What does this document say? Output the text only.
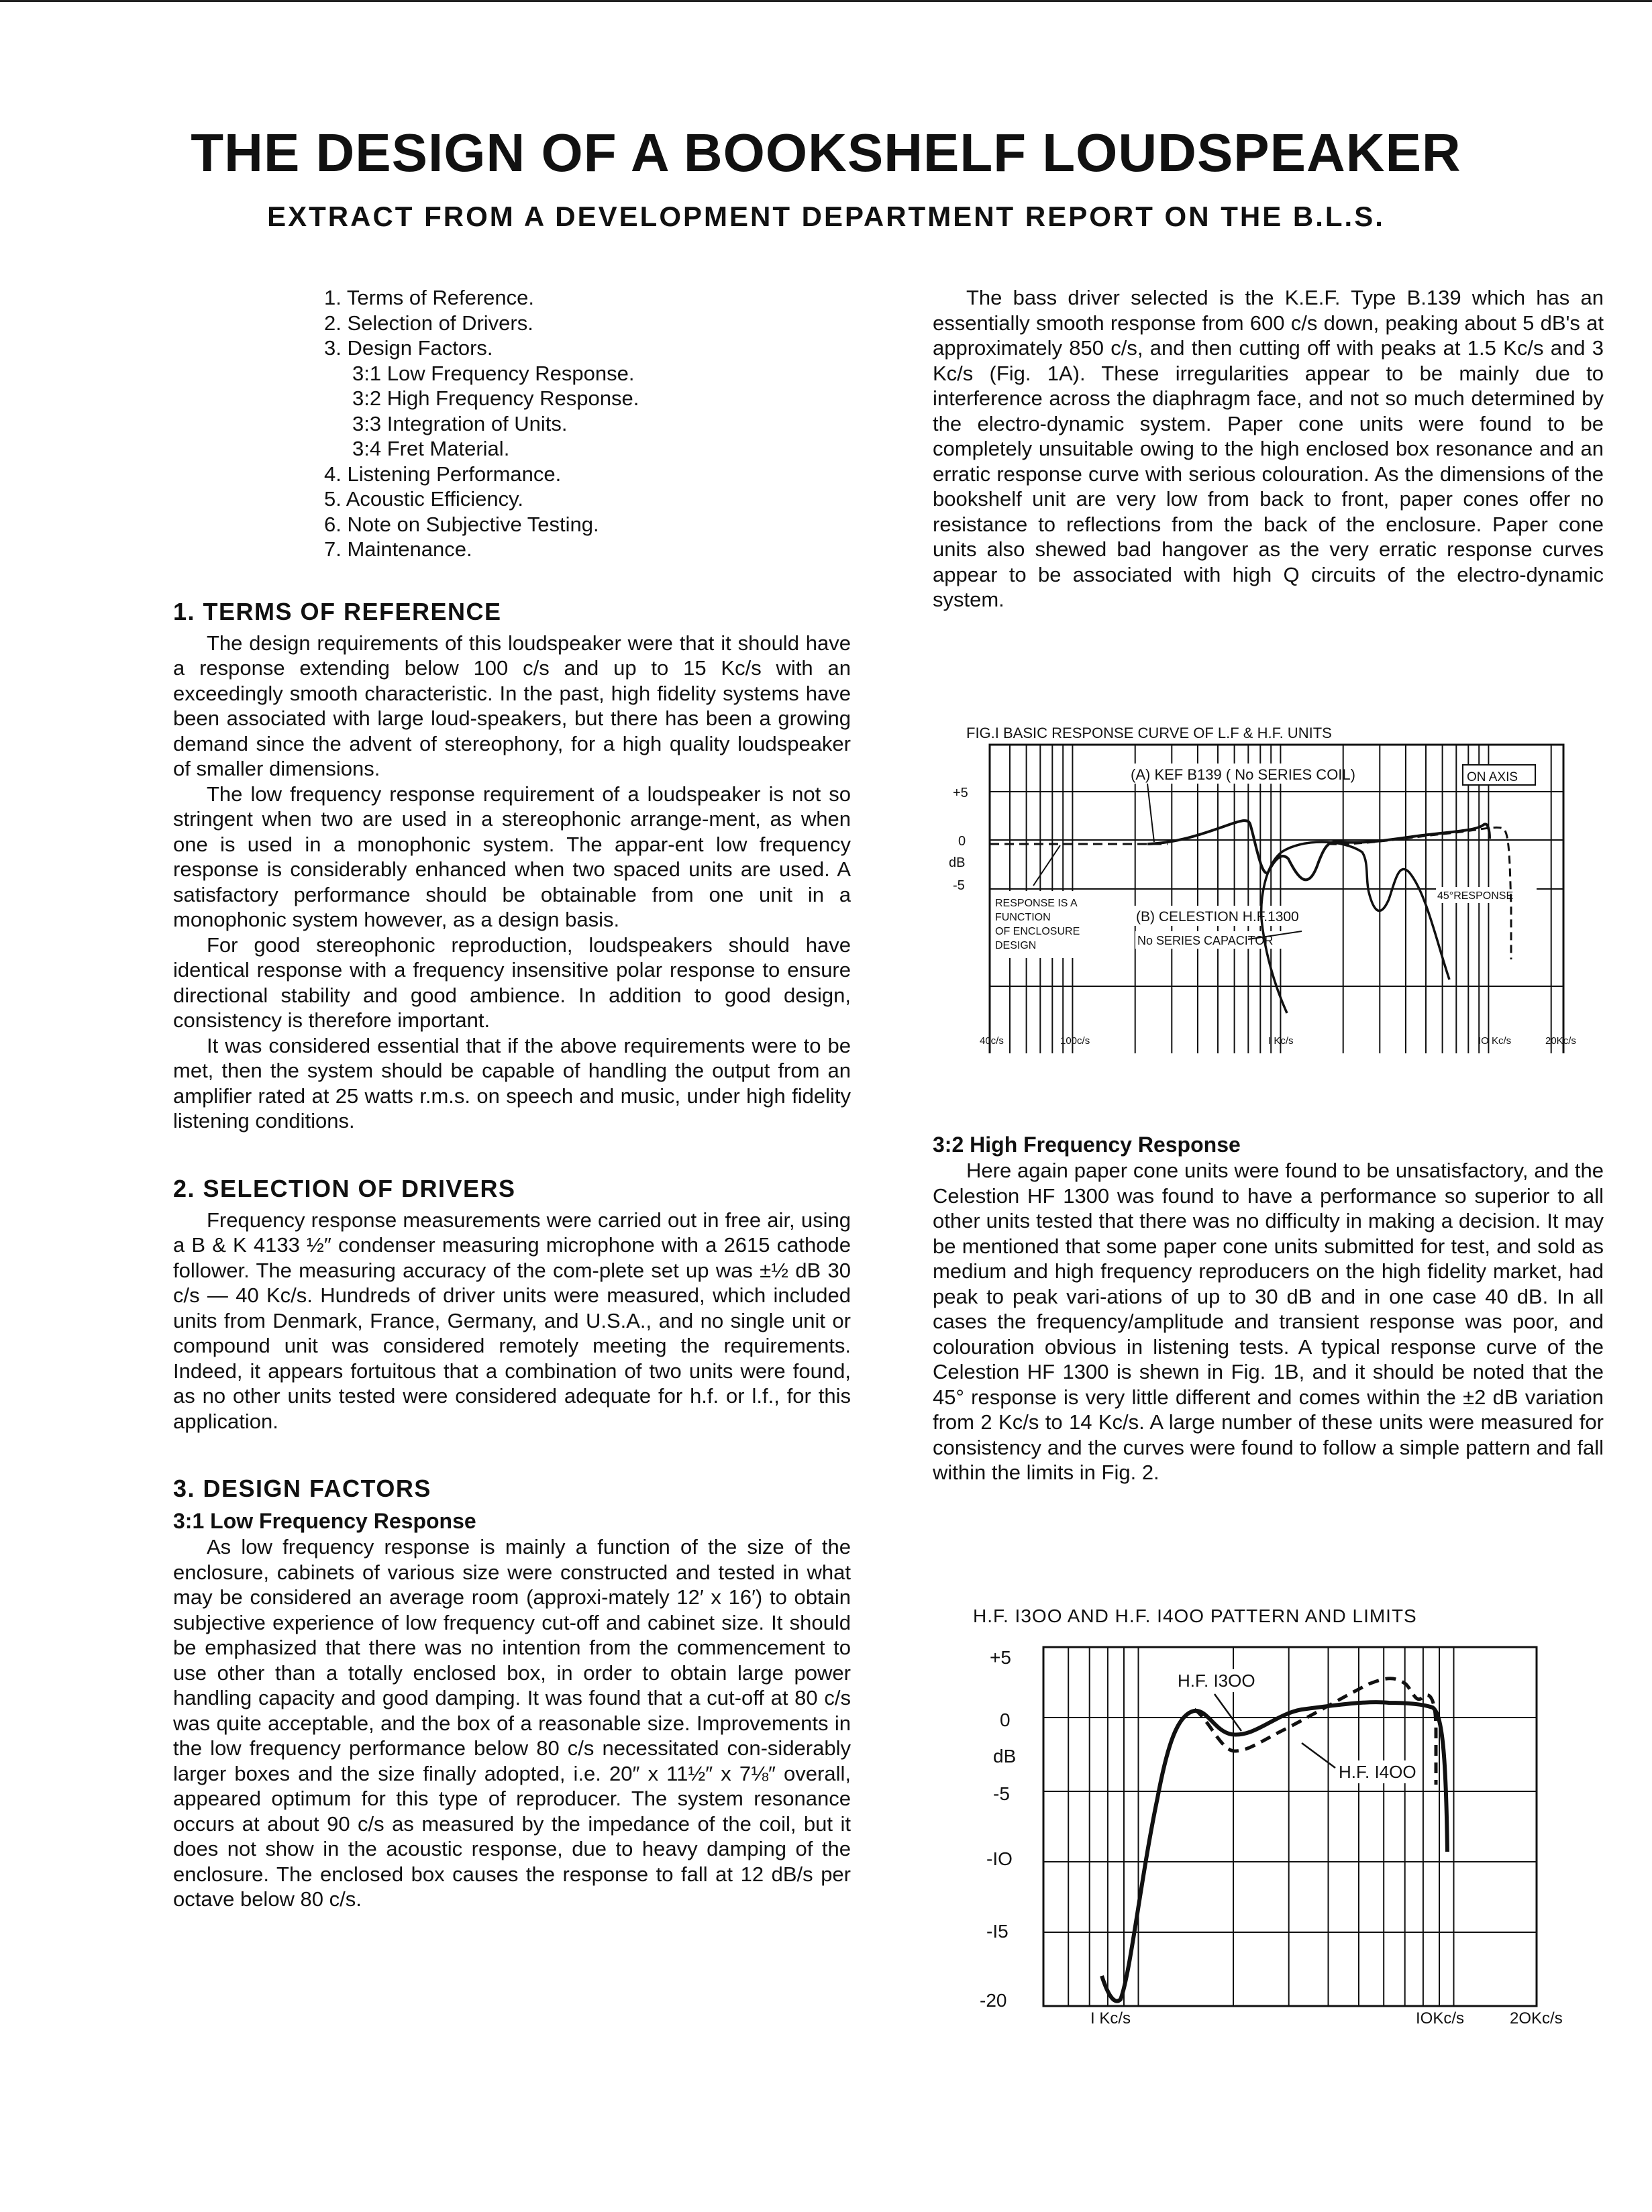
THE DESIGN OF A BOOKSHELF LOUDSPEAKER
EXTRACT FROM A DEVELOPMENT DEPARTMENT REPORT ON THE B.L.S.
1. Terms of Reference.
2. Selection of Drivers.
3. Design Factors.
3:1 Low Frequency Response.
3:2 High Frequency Response.
3:3 Integration of Units.
3:4 Fret Material.
4. Listening Performance.
5. Acoustic Efficiency.
6. Note on Subjective Testing.
7. Maintenance.
1. TERMS OF REFERENCE

The design requirements of this loudspeaker were that it should have a response extending below 100 c/s and up to 15 Kc/s with an exceedingly smooth characteristic. In the past, high fidelity systems have been associated with large loud-speakers, but there has been a growing demand since the advent of stereophony, for a high quality loudspeaker of smaller dimensions.

The low frequency response requirement of a loudspeaker is not so stringent when two are used in a stereophonic arrange-ment, as when one is used in a monophonic system. The appar-ent low frequency response is considerably enhanced when two spaced units are used. A satisfactory performance should be obtainable from one unit in a monophonic system however, as a design basis.

For good stereophonic reproduction, loudspeakers should have identical response with a frequency insensitive polar response to ensure directional stability and good ambience. In addition to good design, consistency is therefore important.

It was considered essential that if the above requirements were to be met, then the system should be capable of handling the output from an amplifier rated at 25 watts r.m.s. on speech and music, under high fidelity listening conditions.

2. SELECTION OF DRIVERS

Frequency response measurements were carried out in free air, using a B & K 4133 ½″ condenser measuring microphone with a 2615 cathode follower. The measuring accuracy of the com-plete set up was ±½ dB 30 c/s — 40 Kc/s. Hundreds of driver units were measured, which included units from Denmark, France, Germany, and U.S.A., and no single unit or compound unit was considered remotely meeting the requirements. Indeed, it appears fortuitous that a combination of two units were found, as no other units tested were considered adequate for h.f. or l.f., for this application.

3. DESIGN FACTORS
3:1 Low Frequency Response

As low frequency response is mainly a function of the size of the enclosure, cabinets of various size were constructed and tested in what may be considered an average room (approxi-mately 12′ x 16′) to obtain subjective experience of low frequency cut-off and cabinet size. It should be emphasized that there was no intention from the commencement to use other than a totally enclosed box, in order to obtain large power handling capacity and good damping. It was found that a cut-off at 80 c/s was quite acceptable, and the box of a reasonable size. Improvements in the low frequency performance below 80 c/s necessitated con-siderably larger boxes and the size finally adopted, i.e. 20″ x 11½″ x 7⅛″ overall, appeared optimum for this type of reproducer. The system resonance occurs at about 90 c/s as measured by the impedance of the coil, but it does not show in the acoustic response, due to heavy damping of the enclosure. The enclosed box causes the response to fall at 12 dB/s per octave below 80 c/s.

The bass driver selected is the K.E.F. Type B.139 which has an essentially smooth response from 600 c/s down, peaking about 5 dB's at approximately 850 c/s, and then cutting off with peaks at 1.5 Kc/s and 3 Kc/s (Fig. 1A). These irregularities appear to be mainly due to interference across the diaphragm face, and not so much determined by the electro-dynamic system. Paper cone units were found to be completely unsuitable owing to the high enclosed box resonance and an erratic response curve with serious colouration. As the dimensions of the bookshelf unit are very low from back to front, paper cones offer no resistance to reflections from the back of the enclosure. Paper cone units also shewed bad hangover as the very erratic response curves appear to be associated with high Q circuits of the electro-dynamic system.

FIG.I BASIC RESPONSE CURVE OF L.F & H.F. UNITS
+5
0
dB
-5
40c/s	100c/s	I Kc/s	IO Kc/s	20Kc/s
(A) KEF B139 ( No SERIES COIL)	ON AXIS
45°RESPONSE
RESPONSE IS A
FUNCTION
OF ENCLOSURE
DESIGN
(B) CELESTION H.F.1300
No SERIES CAPACITOR
3:2 High Frequency Response

Here again paper cone units were found to be unsatisfactory, and the Celestion HF 1300 was found to have a performance so superior to all other units tested that there was no difficulty in making a decision. It may be mentioned that some paper cone units submitted for test, and sold as medium and high frequency reproducers on the high fidelity market, had peak to peak vari-ations of up to 30 dB and in one case 40 dB. In all cases the frequency/amplitude and transient response was poor, and colouration obvious in listening tests. A typical response curve of the Celestion HF 1300 is shewn in Fig. 1B, and it should be noted that the 45° response is very little different and comes within the ±2 dB variation from 2 Kc/s to 14 Kc/s. A large number of these units were measured for consistency and the curves were found to follow a simple pattern and fall within the limits in Fig. 2.

H.F. I3OO AND H.F. I4OO PATTERN AND LIMITS
+5
0
dB
-5
-IO
-I5
-20
I Kc/s	IOKc/s	2OKc/s
H.F. I3OO
H.F. I4OO
